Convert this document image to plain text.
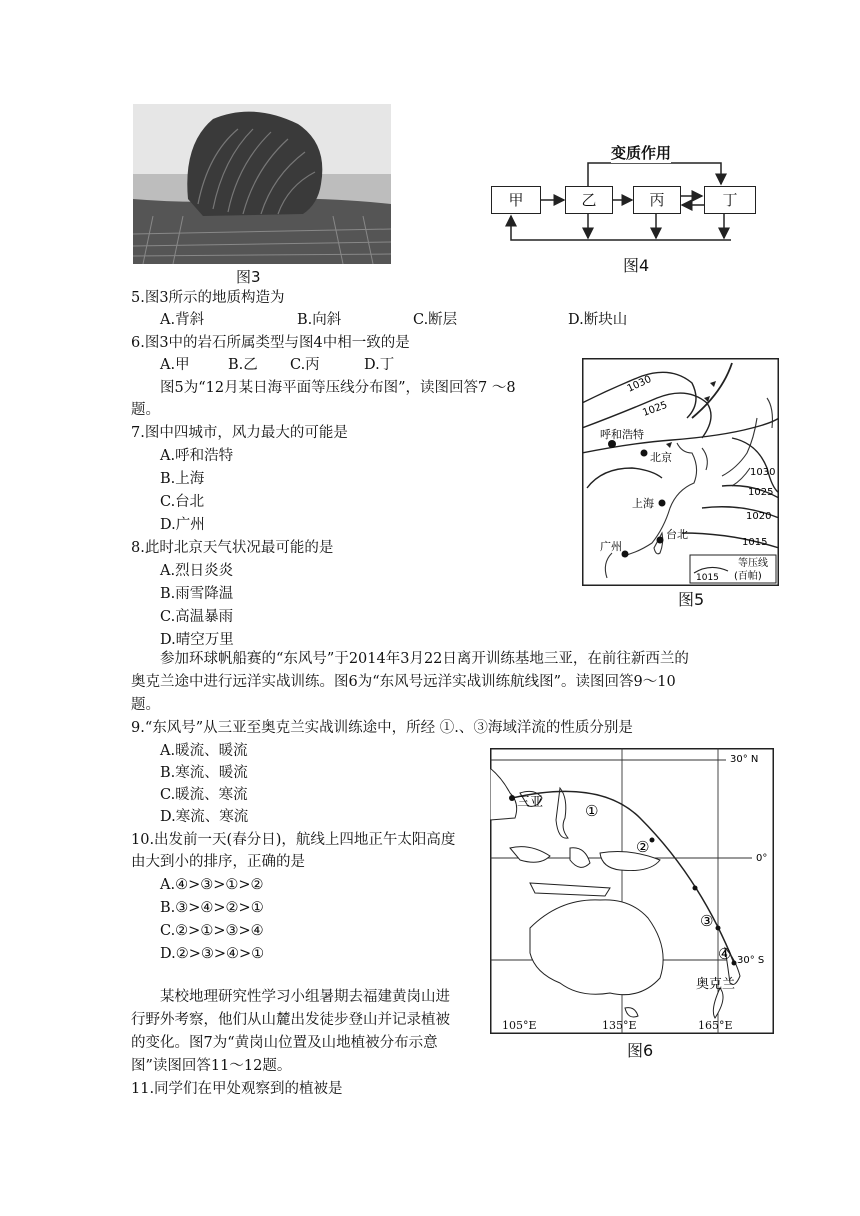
图3
变质作用
甲	乙	丙	丁
图4
5.图3所示的地质构造为
A.背斜	B.向斜	C.断层	D.断块山
6.图3中的岩石所属类型与图4中相一致的是
A.甲	B.乙 C.丙	D.丁
图5为“12月某日海平面等压线分布图”，读图回答7 ～8
题。
7.图中四城市，风力最大的可能是
A.呼和浩特
B.上海
C.台北
D.广州
8.此时北京天气状况最可能的是
A.烈日炎炎
B.雨雪降温
C.高温暴雨
D.晴空万里
1030
1025
1030
1025
1020
1015
呼和浩特
北京
上海
台北
广州
1015
等压线
(百帕)
图5
参加环球帆船赛的“东风号”于2014年3月22日离开训练基地三亚，在前往新西兰的
奥克兰途中进行远洋实战训练。图6为“东风号远洋实战训练航线图”。读图回答9～10
题。
9.“东风号”从三亚至奥克兰实战训练途中，所经 ①.、③海域洋流的性质分别是
A.暖流、暖流
B.寒流、暖流
C.暖流、寒流
D.寒流、寒流
10.出发前一天(春分日)，航线上四地正午太阳高度
由大到小的排序，正确的是
A.④>③>①>②
B.③>④>②>①
C.②>①>③>④
D.②>③>④>①
①
②
③
④
三亚
奥克兰
30° N
0°
30° S
105°E	135°E	165°E
图6
某校地理研究性学习小组暑期去福建黄岗山进
行野外考察，他们从山麓出发徒步登山并记录植被
的变化。图7为“黄岗山位置及山地植被分布示意
图”读图回答11～12题。
11.同学们在甲处观察到的植被是
